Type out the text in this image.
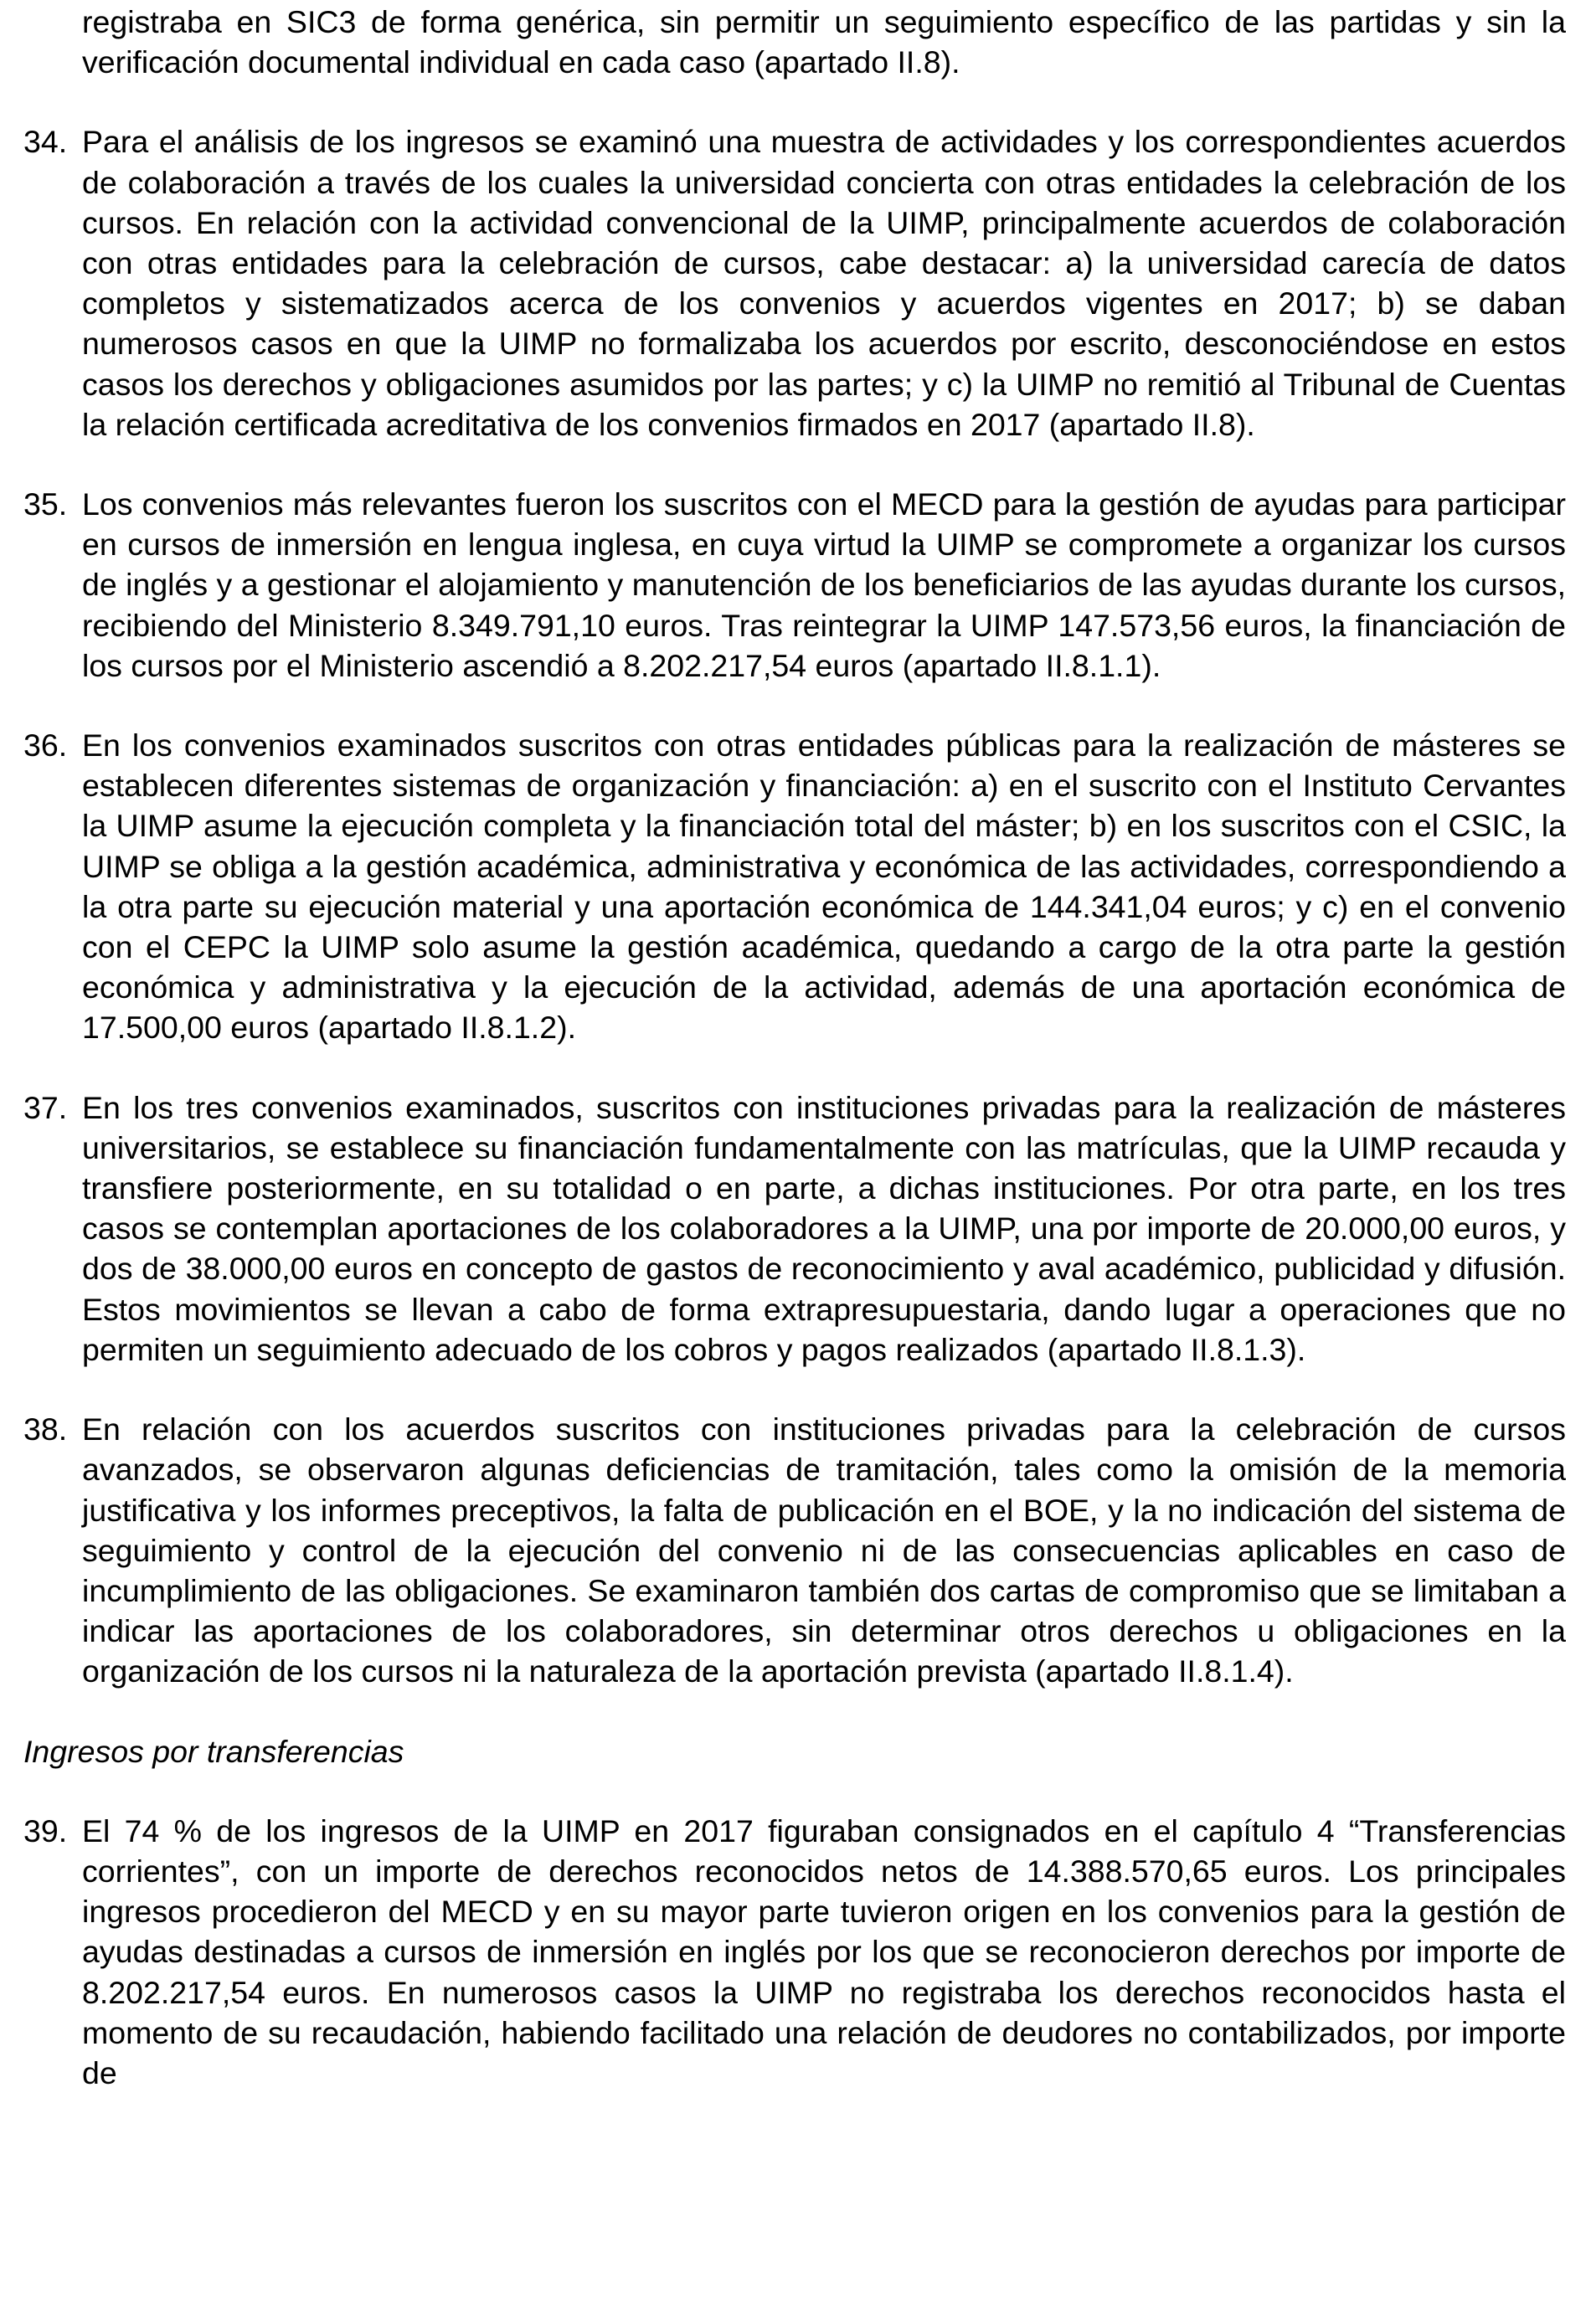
registraba en SIC3 de forma genérica, sin permitir un seguimiento específico de las partidas y sin la verificación documental individual en cada caso (apartado II.8).

34. Para el análisis de los ingresos se examinó una muestra de actividades y los correspondientes acuerdos de colaboración a través de los cuales la universidad concierta con otras entidades la celebración de los cursos. En relación con la actividad convencional de la UIMP, principalmente acuerdos de colaboración con otras entidades para la celebración de cursos, cabe destacar: a) la universidad carecía de datos completos y sistematizados acerca de los convenios y acuerdos vigentes en 2017; b) se daban numerosos casos en que la UIMP no formalizaba los acuerdos por escrito, desconociéndose en estos casos los derechos y obligaciones asumidos por las partes; y c) la UIMP no remitió al Tribunal de Cuentas la relación certificada acreditativa de los convenios firmados en 2017 (apartado II.8).
35. Los convenios más relevantes fueron los suscritos con el MECD para la gestión de ayudas para participar en cursos de inmersión en lengua inglesa, en cuya virtud la UIMP se compromete a organizar los cursos de inglés y a gestionar el alojamiento y manutención de los beneficiarios de las ayudas durante los cursos, recibiendo del Ministerio 8.349.791,10 euros. Tras reintegrar la UIMP 147.573,56 euros, la financiación de los cursos por el Ministerio ascendió a 8.202.217,54 euros (apartado II.8.1.1).
36. En los convenios examinados suscritos con otras entidades públicas para la realización de másteres se establecen diferentes sistemas de organización y financiación: a) en el suscrito con el Instituto Cervantes la UIMP asume la ejecución completa y la financiación total del máster; b) en los suscritos con el CSIC, la UIMP se obliga a la gestión académica, administrativa y económica de las actividades, correspondiendo a la otra parte su ejecución material y una aportación económica de 144.341,04 euros; y c) en el convenio con el CEPC la UIMP solo asume la gestión académica, quedando a cargo de la otra parte la gestión económica y administrativa y la ejecución de la actividad, además de una aportación económica de 17.500,00 euros (apartado II.8.1.2).
37. En los tres convenios examinados, suscritos con instituciones privadas para la realización de másteres universitarios, se establece su financiación fundamentalmente con las matrículas, que la UIMP recauda y transfiere posteriormente, en su totalidad o en parte, a dichas instituciones. Por otra parte, en los tres casos se contemplan aportaciones de los colaboradores a la UIMP, una por importe de 20.000,00 euros, y dos de 38.000,00 euros en concepto de gastos de reconocimiento y aval académico, publicidad y difusión. Estos movimientos se llevan a cabo de forma extrapresupuestaria, dando lugar a operaciones que no permiten un seguimiento adecuado de los cobros y pagos realizados (apartado II.8.1.3).
38. En relación con los acuerdos suscritos con instituciones privadas para la celebración de cursos avanzados, se observaron algunas deficiencias de tramitación, tales como la omisión de la memoria justificativa y los informes preceptivos, la falta de publicación en el BOE, y la no indicación del sistema de seguimiento y control de la ejecución del convenio ni de las consecuencias aplicables en caso de incumplimiento de las obligaciones. Se examinaron también dos cartas de compromiso que se limitaban a indicar las aportaciones de los colaboradores, sin determinar otros derechos u obligaciones en la organización de los cursos ni la naturaleza de la aportación prevista (apartado II.8.1.4).

Ingresos por transferencias

39. El 74 % de los ingresos de la UIMP en 2017 figuraban consignados en el capítulo 4 “Transferencias corrientes”, con un importe de derechos reconocidos netos de 14.388.570,65 euros. Los principales ingresos procedieron del MECD y en su mayor parte tuvieron origen en los convenios para la gestión de ayudas destinadas a cursos de inmersión en inglés por los que se reconocieron derechos por importe de 8.202.217,54 euros. En numerosos casos la UIMP no registraba los derechos reconocidos hasta el momento de su recaudación, habiendo facilitado una relación de deudores no contabilizados, por importe de
